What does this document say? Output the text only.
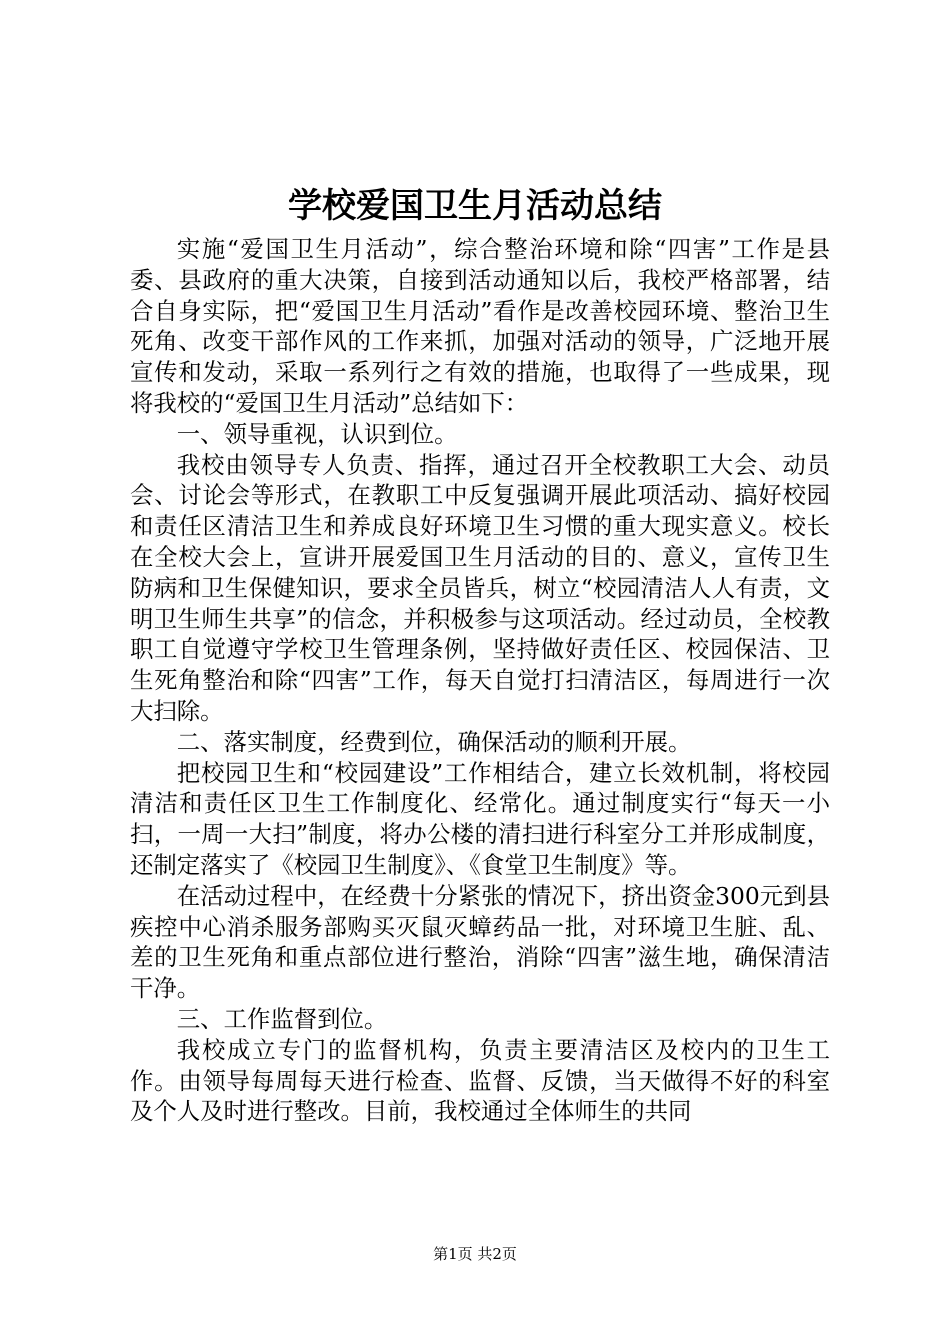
学校爱国卫生月活动总结

实施“爱国卫生月活动”，综合整治环境和除“四害”工作是县委、县政府的重大决策，自接到活动通知以后，我校严格部署，结合自身实际，把“爱国卫生月活动”看作是改善校园环境、整治卫生死角、改变干部作风的工作来抓，加强对活动的领导，广泛地开展宣传和发动，采取一系列行之有效的措施，也取得了一些成果，现将我校的“爱国卫生月活动”总结如下：

一、领导重视，认识到位。

我校由领导专人负责、指挥，通过召开全校教职工大会、动员会、讨论会等形式，在教职工中反复强调开展此项活动、搞好校园和责任区清洁卫生和养成良好环境卫生习惯的重大现实意义。校长在全校大会上，宣讲开展爱国卫生月活动的目的、意义，宣传卫生防病和卫生保健知识，要求全员皆兵，树立“校园清洁人人有责，文明卫生师生共享”的信念，并积极参与这项活动。经过动员，全校教职工自觉遵守学校卫生管理条例，坚持做好责任区、校园保洁、卫生死角整治和除“四害”工作，每天自觉打扫清洁区，每周进行一次大扫除。

二、落实制度，经费到位，确保活动的顺利开展。

把校园卫生和“校园建设”工作相结合，建立长效机制，将校园清洁和责任区卫生工作制度化、经常化。通过制度实行“每天一小扫，一周一大扫”制度，将办公楼的清扫进行科室分工并形成制度，还制定落实了《校园卫生制度》、《食堂卫生制度》等。

在活动过程中，在经费十分紧张的情况下，挤出资金300元到县疾控中心消杀服务部购买灭鼠灭蟑药品一批，对环境卫生脏、乱、差的卫生死角和重点部位进行整治，消除“四害”滋生地，确保清洁干净。

三、工作监督到位。

我校成立专门的监督机构，负责主要清洁区及校内的卫生工作。由领导每周每天进行检查、监督、反馈，当天做得不好的科室及个人及时进行整改。目前，我校通过全体师生的共同

第1页 共2页
